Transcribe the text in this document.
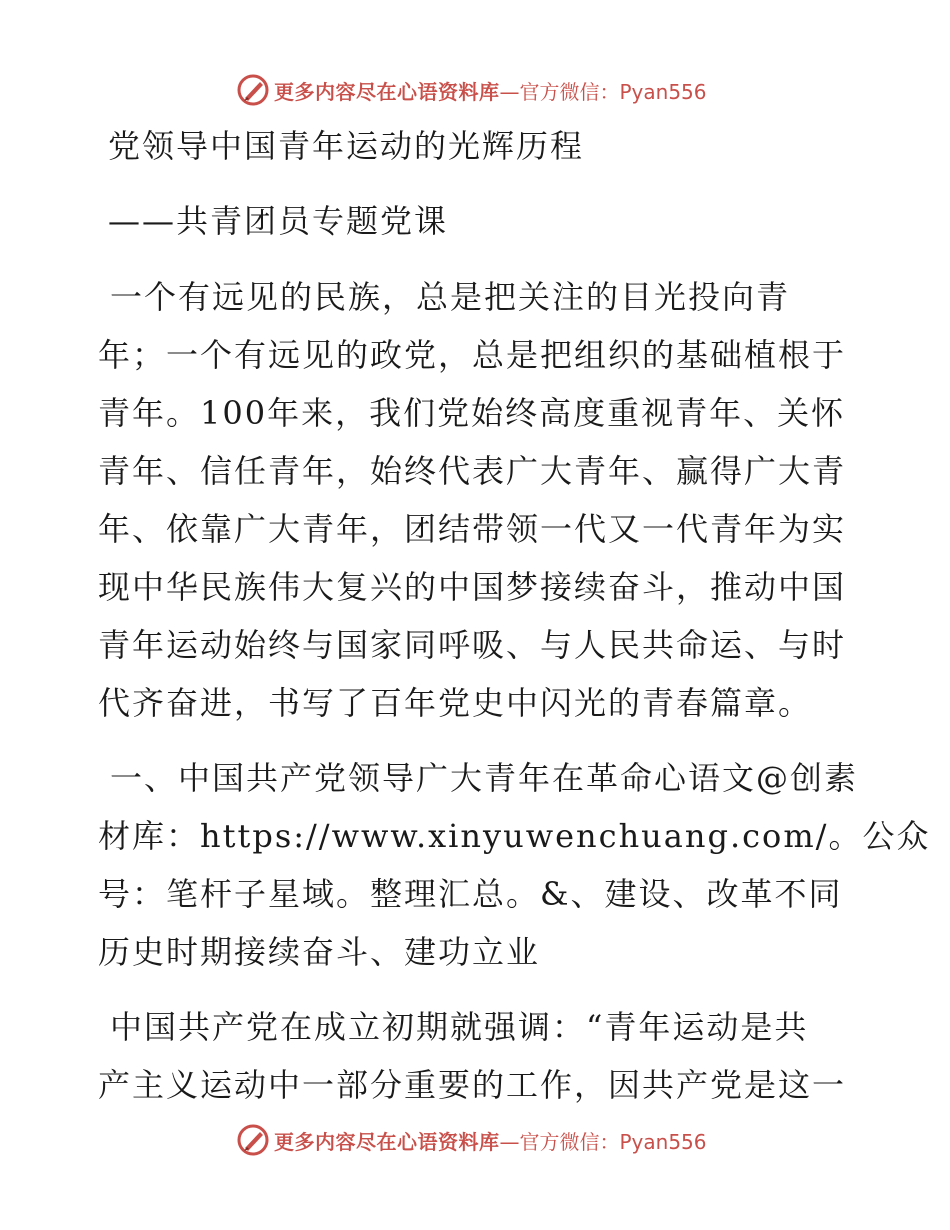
更多内容尽在心语资料库 —官方微信：Pyan556
党领导中国青年运动的光辉历程
——共青团员专题党课
一个有远见的民族，总是把关注的目光投向青
年；一个有远见的政党，总是把组织的基础植根于
青年。100年来，我们党始终高度重视青年、关怀
青年、信任青年，始终代表广大青年、赢得广大青
年、依靠广大青年，团结带领一代又一代青年为实
现中华民族伟大复兴的中国梦接续奋斗，推动中国
青年运动始终与国家同呼吸、与人民共命运、与时
代齐奋进，书写了百年党史中闪光的青春篇章。
一、中国共产党领导广大青年在革命心语文@创素
材库：https://www.xinyuwenchuang.com/。公众
号：笔杆子星域。整理汇总。&、建设、改革不同
历史时期接续奋斗、建功立业
中国共产党在成立初期就强调：“青年运动是共
产主义运动中一部分重要的工作，因共产党是这一
更多内容尽在心语资料库 —官方微信：Pyan556
